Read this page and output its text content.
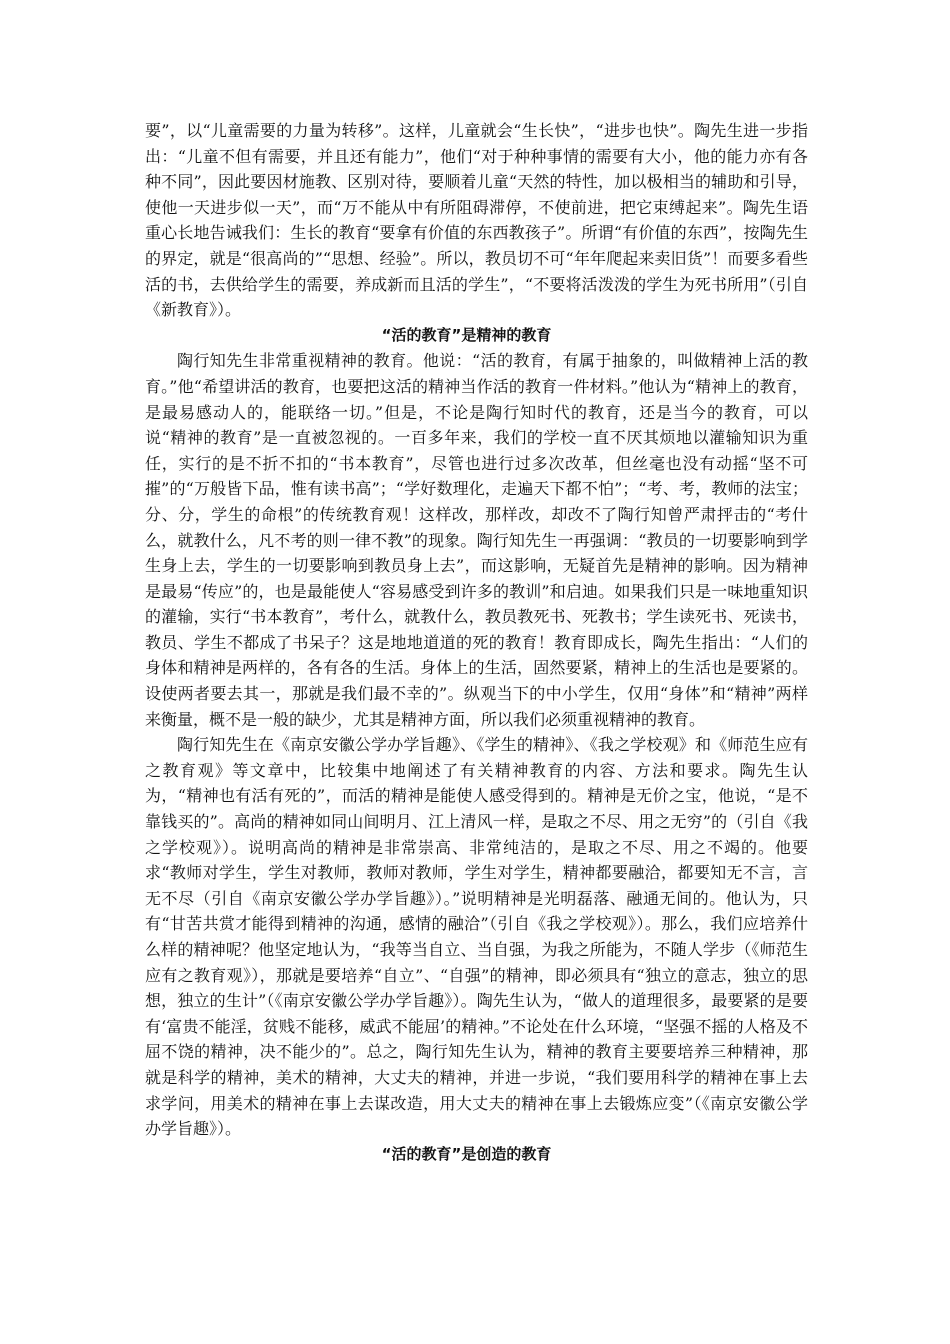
要”，以“儿童需要的力量为转移”。这样，儿童就会“生长快”，“进步也快”。陶先生进一步指出：“儿童不但有需要，并且还有能力”，他们“对于种种事情的需要有大小，他的能力亦有各种不同”，因此要因材施教、区别对待，要顺着儿童“天然的特性，加以极相当的辅助和引导，使他一天进步似一天”，而“万不能从中有所阻碍滞停，不使前进，把它束缚起来”。陶先生语重心长地告诫我们：生长的教育“要拿有价值的东西教孩子”。所谓“有价值的东西”，按陶先生的界定，就是“很高尚的”“思想、经验”。所以，教员切不可“年年爬起来卖旧货”！而要多看些活的书，去供给学生的需要，养成新而且活的学生”，“不要将活泼泼的学生为死书所用”（引自《新教育》）。

“活的教育”是精神的教育

陶行知先生非常重视精神的教育。他说：“活的教育，有属于抽象的，叫做精神上活的教育。”他“希望讲活的教育，也要把这活的精神当作活的教育一件材料。”他认为“精神上的教育，是最易感动人的，能联络一切。”但是，不论是陶行知时代的教育，还是当今的教育，可以说“精神的教育”是一直被忽视的。一百多年来，我们的学校一直不厌其烦地以灌输知识为重任，实行的是不折不扣的“书本教育”，尽管也进行过多次改革，但丝毫也没有动摇“坚不可摧”的“万般皆下品，惟有读书高”；“学好数理化，走遍天下都不怕”；“考、考，教师的法宝；分、分，学生的命根”的传统教育观！这样改，那样改，却改不了陶行知曾严肃抨击的“考什么，就教什么，凡不考的则一律不教”的现象。陶行知先生一再强调：“教员的一切要影响到学生身上去，学生的一切要影响到教员身上去”，而这影响，无疑首先是精神的影响。因为精神是最易“传应”的，也是最能使人“容易感受到许多的教训”和启迪。如果我们只是一味地重知识的灌输，实行“书本教育”，考什么，就教什么，教员教死书、死教书；学生读死书、死读书，教员、学生不都成了书呆子？这是地地道道的死的教育！教育即成长，陶先生指出：“人们的身体和精神是两样的，各有各的生活。身体上的生活，固然要紧，精神上的生活也是要紧的。设使两者要去其一，那就是我们最不幸的”。纵观当下的中小学生，仅用“身体”和“精神”两样来衡量，概不是一般的缺少，尤其是精神方面，所以我们必须重视精神的教育。

陶行知先生在《南京安徽公学办学旨趣》、《学生的精神》、《我之学校观》和《师范生应有之教育观》等文章中，比较集中地阐述了有关精神教育的内容、方法和要求。陶先生认为，“精神也有活有死的”，而活的精神是能使人感受得到的。精神是无价之宝，他说，“是不靠钱买的”。高尚的精神如同山间明月、江上清风一样，是取之不尽、用之无穷”的（引自《我之学校观》）。说明高尚的精神是非常崇高、非常纯洁的，是取之不尽、用之不竭的。他要求“教师对学生，学生对教师，教师对教师，学生对学生，精神都要融洽，都要知无不言，言无不尽（引自《南京安徽公学办学旨趣》）。”说明精神是光明磊落、融通无间的。他认为，只有“甘苦共赏才能得到精神的沟通，感情的融洽”（引自《我之学校观》）。那么，我们应培养什么样的精神呢？他坚定地认为，“我等当自立、当自强，为我之所能为，不随人学步（《师范生应有之教育观》），那就是要培养“自立”、“自强”的精神，即必须具有“独立的意志，独立的思想，独立的生计”（《南京安徽公学办学旨趣》）。陶先生认为，“做人的道理很多，最要紧的是要有‘富贵不能淫，贫贱不能移，威武不能屈’的精神。”不论处在什么环境，“坚强不摇的人格及不屈不饶的精神，决不能少的”。总之，陶行知先生认为，精神的教育主要要培养三种精神，那就是科学的精神，美术的精神，大丈夫的精神，并进一步说，“我们要用科学的精神在事上去求学问，用美术的精神在事上去谋改造，用大丈夫的精神在事上去锻炼应变”（《南京安徽公学办学旨趣》）。

“活的教育”是创造的教育
